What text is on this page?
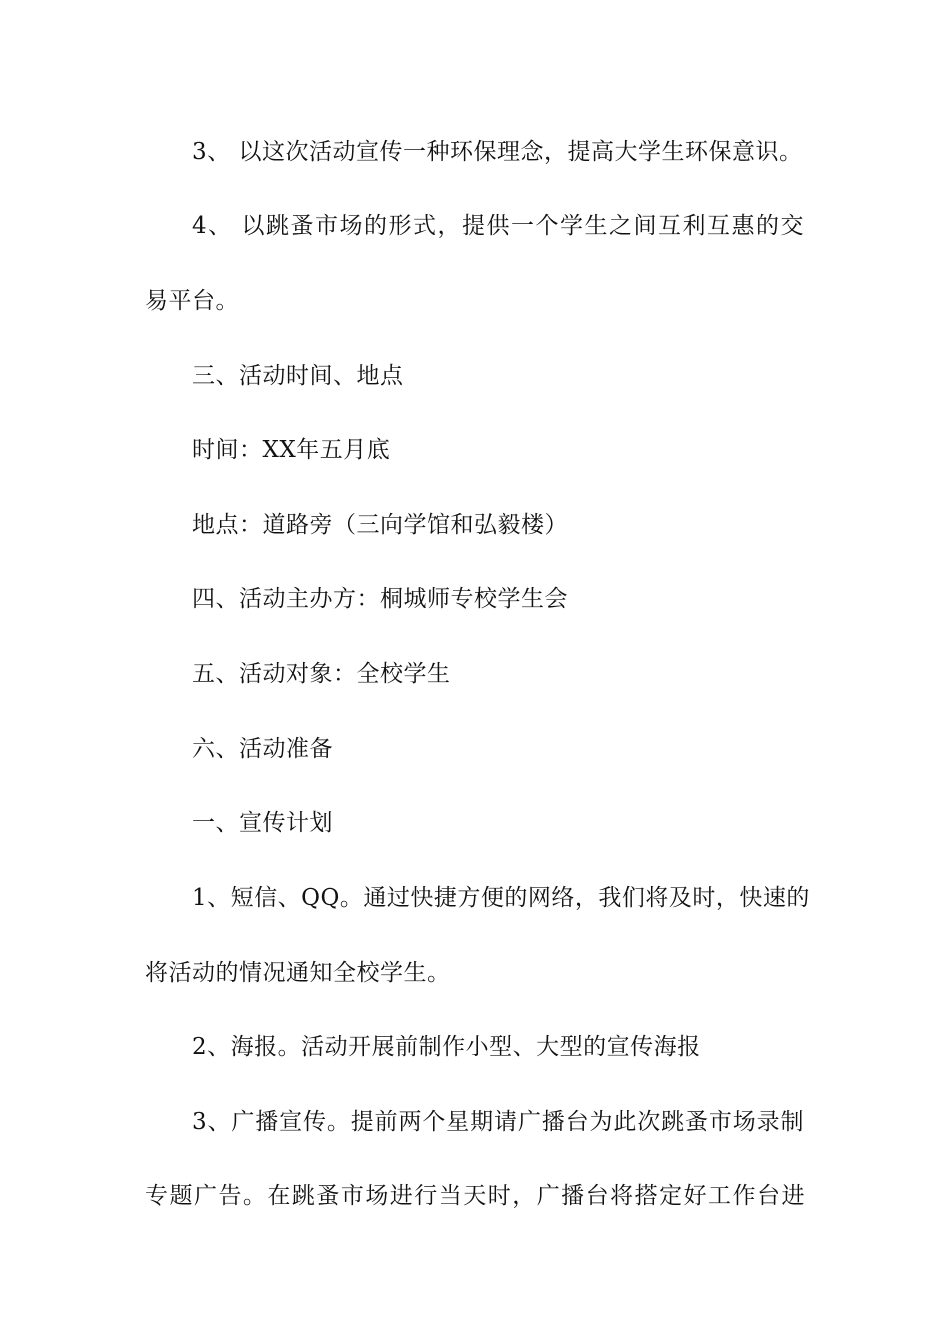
3、 以这次活动宣传一种环保理念，提高大学生环保意识。
4、 以跳蚤市场的形式，提供一个学生之间互利互惠的交
易平台。
三、活动时间、地点
时间：XX年五月底
地点：道路旁（三向学馆和弘毅楼）
四、活动主办方：桐城师专校学生会
五、活动对象：全校学生
六、活动准备
一、宣传计划
1、短信、QQ。通过快捷方便的网络，我们将及时，快速的
将活动的情况通知全校学生。
2、海报。活动开展前制作小型、大型的宣传海报
3、广播宣传。提前两个星期请广播台为此次跳蚤市场录制
专题广告。在跳蚤市场进行当天时，广播台将搭定好工作台进
